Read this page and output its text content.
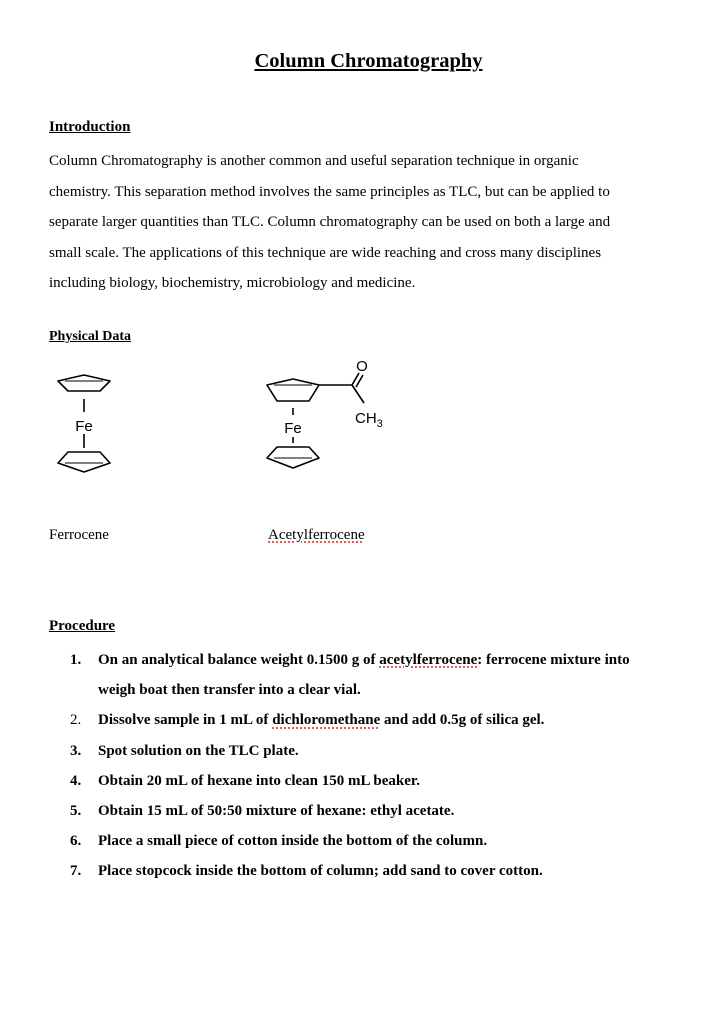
Column Chromatography
Introduction
Column Chromatography is another common and useful separation technique in organic
chemistry. This separation method involves the same principles as TLC, but can be applied to
separate larger quantities than TLC. Column chromatography can be used on both a large and
small scale. The applications of this technique are wide reaching and cross many disciplines
including biology, biochemistry, microbiology and medicine.
Physical Data
Fe	Fe
O
$CH_3$
Ferrocene	Acetylferrocene
Procedure
1. On an analytical balance weight 0.1500 g of acetylferrocene: ferrocene mixture into
weigh boat then transfer into a clear vial.
2. Dissolve sample in 1 mL of dichloromethane and add 0.5g of silica gel.
3. Spot solution on the TLC plate.
4. Obtain 20 mL of hexane into clean 150 mL beaker.
5. Obtain 15 mL of 50:50 mixture of hexane: ethyl acetate.
6. Place a small piece of cotton inside the bottom of the column.
7. Place stopcock inside the bottom of column; add sand to cover cotton.
